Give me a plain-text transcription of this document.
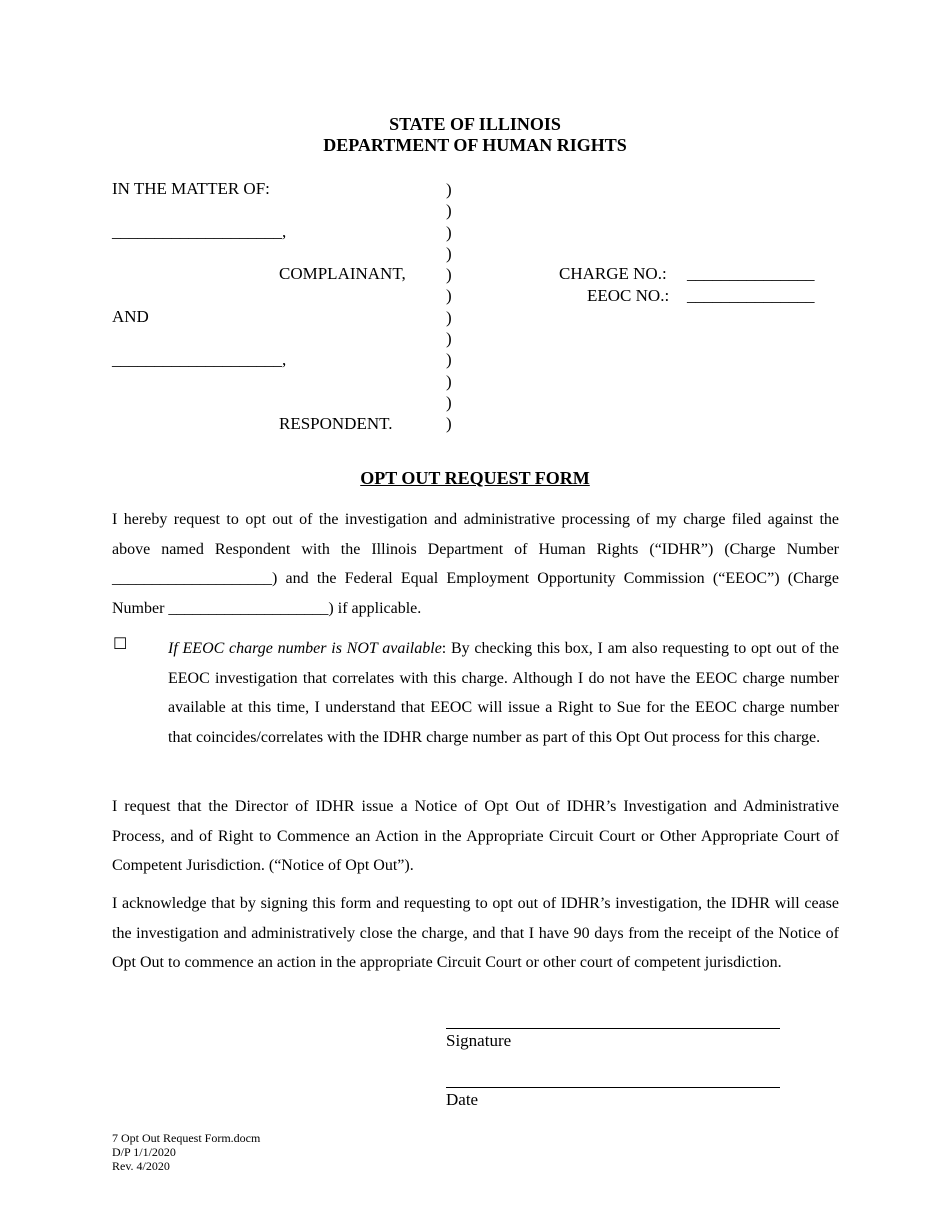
STATE OF ILLINOIS
DEPARTMENT OF HUMAN RIGHTS
IN THE MATTER OF:
____________________,
COMPLAINANT,
AND
____________________,
RESPONDENT.
)
)
)
)
)
)
)
)
)
)
)
)
CHARGE NO.: _______________
EEOC NO.: _______________
OPT OUT REQUEST FORM

I hereby request to opt out of the investigation and administrative processing of my charge filed against the above named Respondent with the Illinois Department of Human Rights (“IDHR”) (Charge Number ____________________) and the Federal Equal Employment Opportunity Commission (“EEOC”) (Charge Number ____________________) if applicable.

☐	If EEOC charge number is NOT available: By checking this box, I am also requesting to opt out of the EEOC investigation that correlates with this charge. Although I do not have the EEOC charge number available at this time, I understand that EEOC will issue a Right to Sue for the EEOC charge number that coincides/correlates with the IDHR charge number as part of this Opt Out process for this charge.

I request that the Director of IDHR issue a Notice of Opt Out of IDHR’s Investigation and Administrative Process, and of Right to Commence an Action in the Appropriate Circuit Court or Other Appropriate Court of Competent Jurisdiction. (“Notice of Opt Out”).

I acknowledge that by signing this form and requesting to opt out of IDHR’s investigation, the IDHR will cease the investigation and administratively close the charge, and that I have 90 days from the receipt of the Notice of Opt Out to commence an action in the appropriate Circuit Court or other court of competent jurisdiction.

Signature
Date
7 Opt Out Request Form.docm
D/P 1/1/2020
Rev. 4/2020
